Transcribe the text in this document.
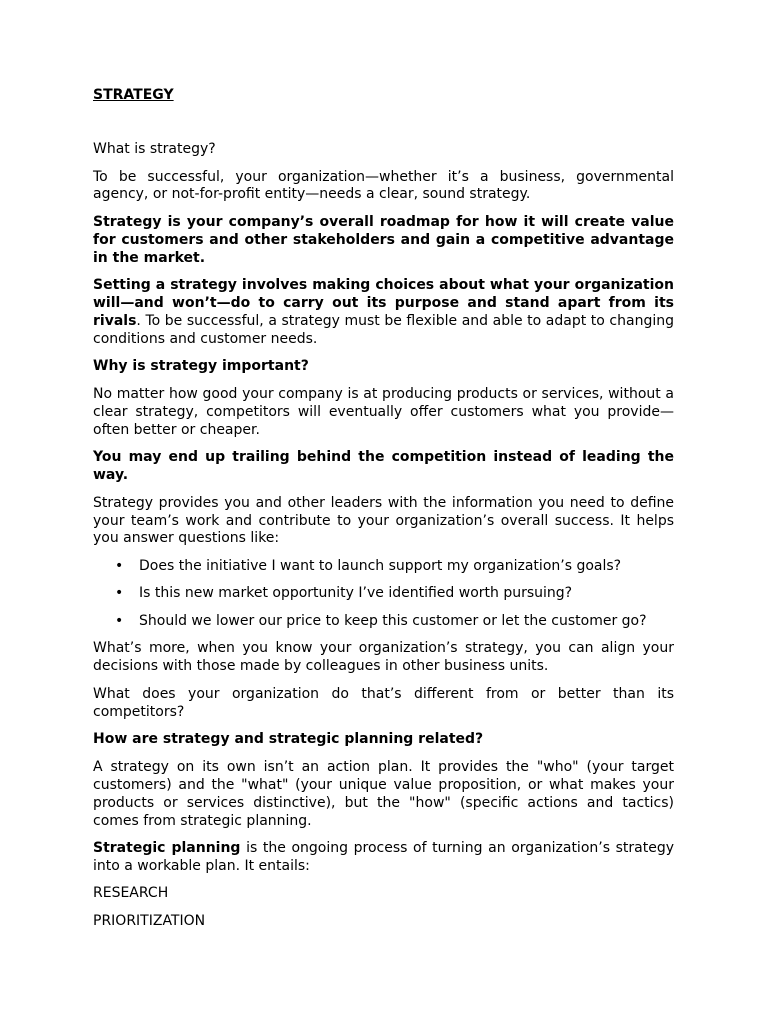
STRATEGY

What is strategy?

To be successful, your organization—whether it’s a business, governmental agency, or not-for-profit entity—needs a clear, sound strategy.

Strategy is your company’s overall roadmap for how it will create value for customers and other stakeholders and gain a competitive advantage in the market.

Setting a strategy involves making choices about what your organization will—and won’t—do to carry out its purpose and stand apart from its rivals. To be successful, a strategy must be flexible and able to adapt to changing conditions and customer needs.

Why is strategy important?

No matter how good your company is at producing products or services, without a clear strategy, competitors will eventually offer customers what you provide—often better or cheaper.

You may end up trailing behind the competition instead of leading the way.

Strategy provides you and other leaders with the information you need to define your team’s work and contribute to your organization’s overall success. It helps you answer questions like:

• Does the initiative I want to launch support my organization’s goals?
• Is this new market opportunity I’ve identified worth pursuing?
• Should we lower our price to keep this customer or let the customer go?

What’s more, when you know your organization’s strategy, you can align your decisions with those made by colleagues in other business units.

What does your organization do that’s different from or better than its competitors?

How are strategy and strategic planning related?

A strategy on its own isn’t an action plan. It provides the "who" (your target customers) and the "what" (your unique value proposition, or what makes your products or services distinctive), but the "how" (specific actions and tactics) comes from strategic planning.

Strategic planning is the ongoing process of turning an organization’s strategy into a workable plan. It entails:

RESEARCH

PRIORITIZATION
